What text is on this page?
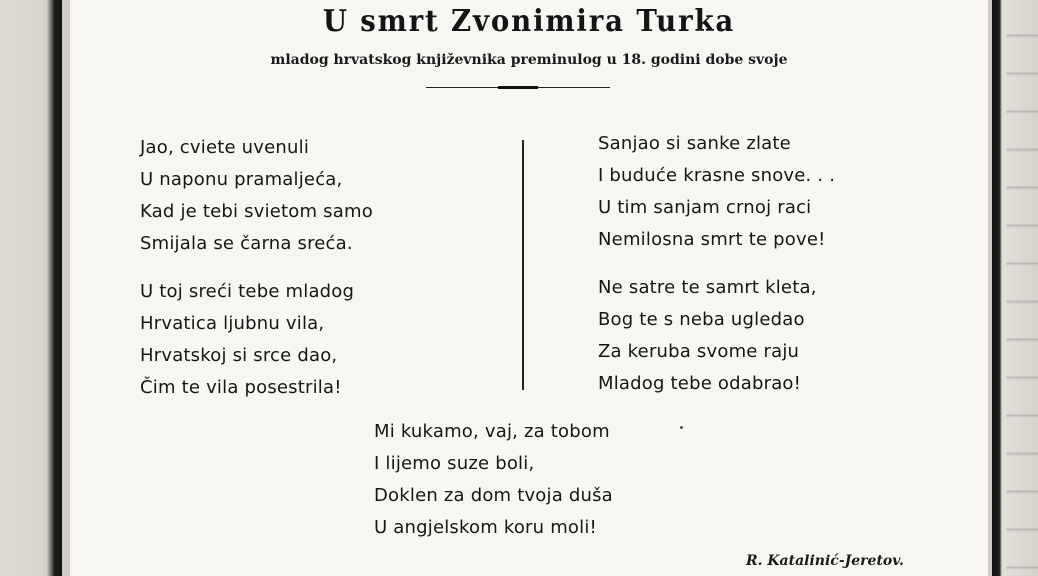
U smrt Zvonimira Turka
mladog hrvatskog književnika preminulog u 18. godini dobe svoje
Jao, cviete uvenuli
U naponu pramaljeća,
Kad je tebi svietom samo
Smijala se čarna sreća.
U toj sreći tebe mladog
Hrvatica ljubnu vila,
Hrvatskoj si srce dao,
Čim te vila posestrila!
Sanjao si sanke zlate
I buduće krasne snove. . .
U tim sanjam crnoj raci
Nemilosna smrt te pove!
Ne satre te samrt kleta,
Bog te s neba ugledao
Za keruba svome raju
Mladog tebe odabrao!
Mi kukamo, vaj, za tobom
I lijemo suze boli,
Doklen za dom tvoja duša
U angjelskom koru moli!
R. Katalinić-Jeretov.
